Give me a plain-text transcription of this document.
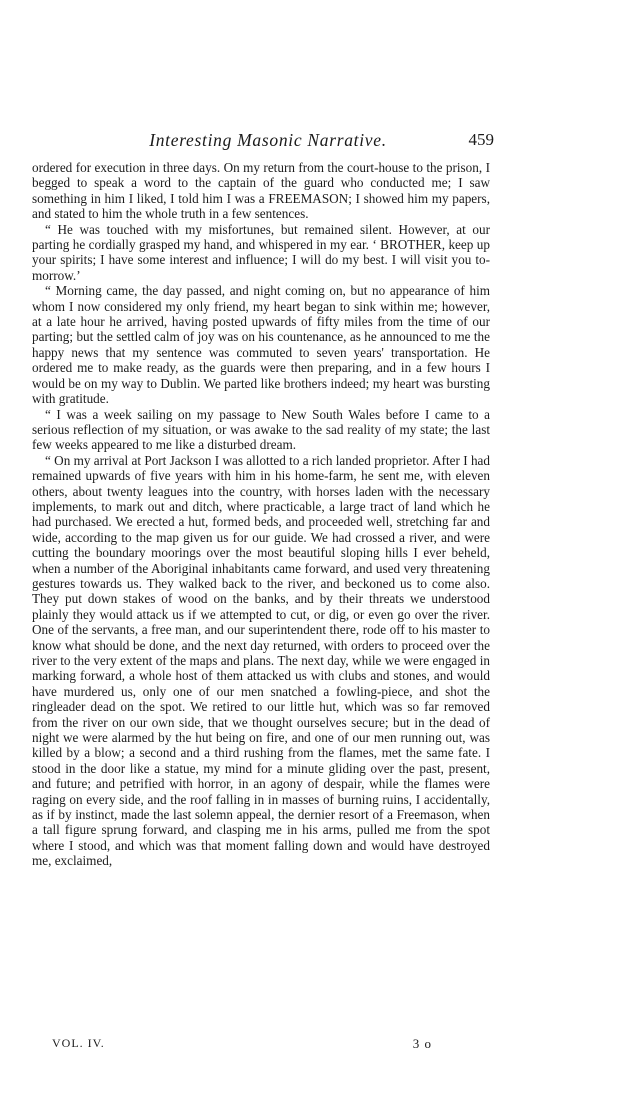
Interesting Masonic Narrative.	459

ordered for execution in three days. On my return from the court-house to the prison, I begged to speak a word to the captain of the guard who conducted me; I saw something in him I liked, I told him I was a FREEMASON; I showed him my papers, and stated to him the whole truth in a few sentences.

“ He was touched with my misfortunes, but remained silent. However, at our parting he cordially grasped my hand, and whispered in my ear. ‘ BROTHER, keep up your spirits; I have some interest and influence; I will do my best. I will visit you to-morrow.’

“ Morning came, the day passed, and night coming on, but no appearance of him whom I now considered my only friend, my heart began to sink within me; however, at a late hour he arrived, having posted upwards of fifty miles from the time of our parting; but the settled calm of joy was on his countenance, as he announced to me the happy news that my sentence was commuted to seven years' transportation. He ordered me to make ready, as the guards were then preparing, and in a few hours I would be on my way to Dublin. We parted like brothers indeed; my heart was bursting with gratitude.

“ I was a week sailing on my passage to New South Wales before I came to a serious reflection of my situation, or was awake to the sad reality of my state; the last few weeks appeared to me like a disturbed dream.

“ On my arrival at Port Jackson I was allotted to a rich landed proprietor. After I had remained upwards of five years with him in his home-farm, he sent me, with eleven others, about twenty leagues into the country, with horses laden with the necessary implements, to mark out and ditch, where practicable, a large tract of land which he had purchased. We erected a hut, formed beds, and proceeded well, stretching far and wide, according to the map given us for our guide. We had crossed a river, and were cutting the boundary moorings over the most beautiful sloping hills I ever beheld, when a number of the Aboriginal inhabitants came forward, and used very threatening gestures towards us. They walked back to the river, and beckoned us to come also. They put down stakes of wood on the banks, and by their threats we understood plainly they would attack us if we attempted to cut, or dig, or even go over the river. One of the servants, a free man, and our superintendent there, rode off to his master to know what should be done, and the next day returned, with orders to proceed over the river to the very extent of the maps and plans. The next day, while we were engaged in marking forward, a whole host of them attacked us with clubs and stones, and would have murdered us, only one of our men snatched a fowling-piece, and shot the ringleader dead on the spot. We retired to our little hut, which was so far removed from the river on our own side, that we thought ourselves secure; but in the dead of night we were alarmed by the hut being on fire, and one of our men running out, was killed by a blow; a second and a third rushing from the flames, met the same fate. I stood in the door like a statue, my mind for a minute gliding over the past, present, and future; and petrified with horror, in an agony of despair, while the flames were raging on every side, and the roof falling in in masses of burning ruins, I accidentally, as if by instinct, made the last solemn appeal, the dernier resort of a Freemason, when a tall figure sprung forward, and clasping me in his arms, pulled me from the spot where I stood, and which was that moment falling down and would have destroyed me, exclaimed,

VOL. IV.	3 o
